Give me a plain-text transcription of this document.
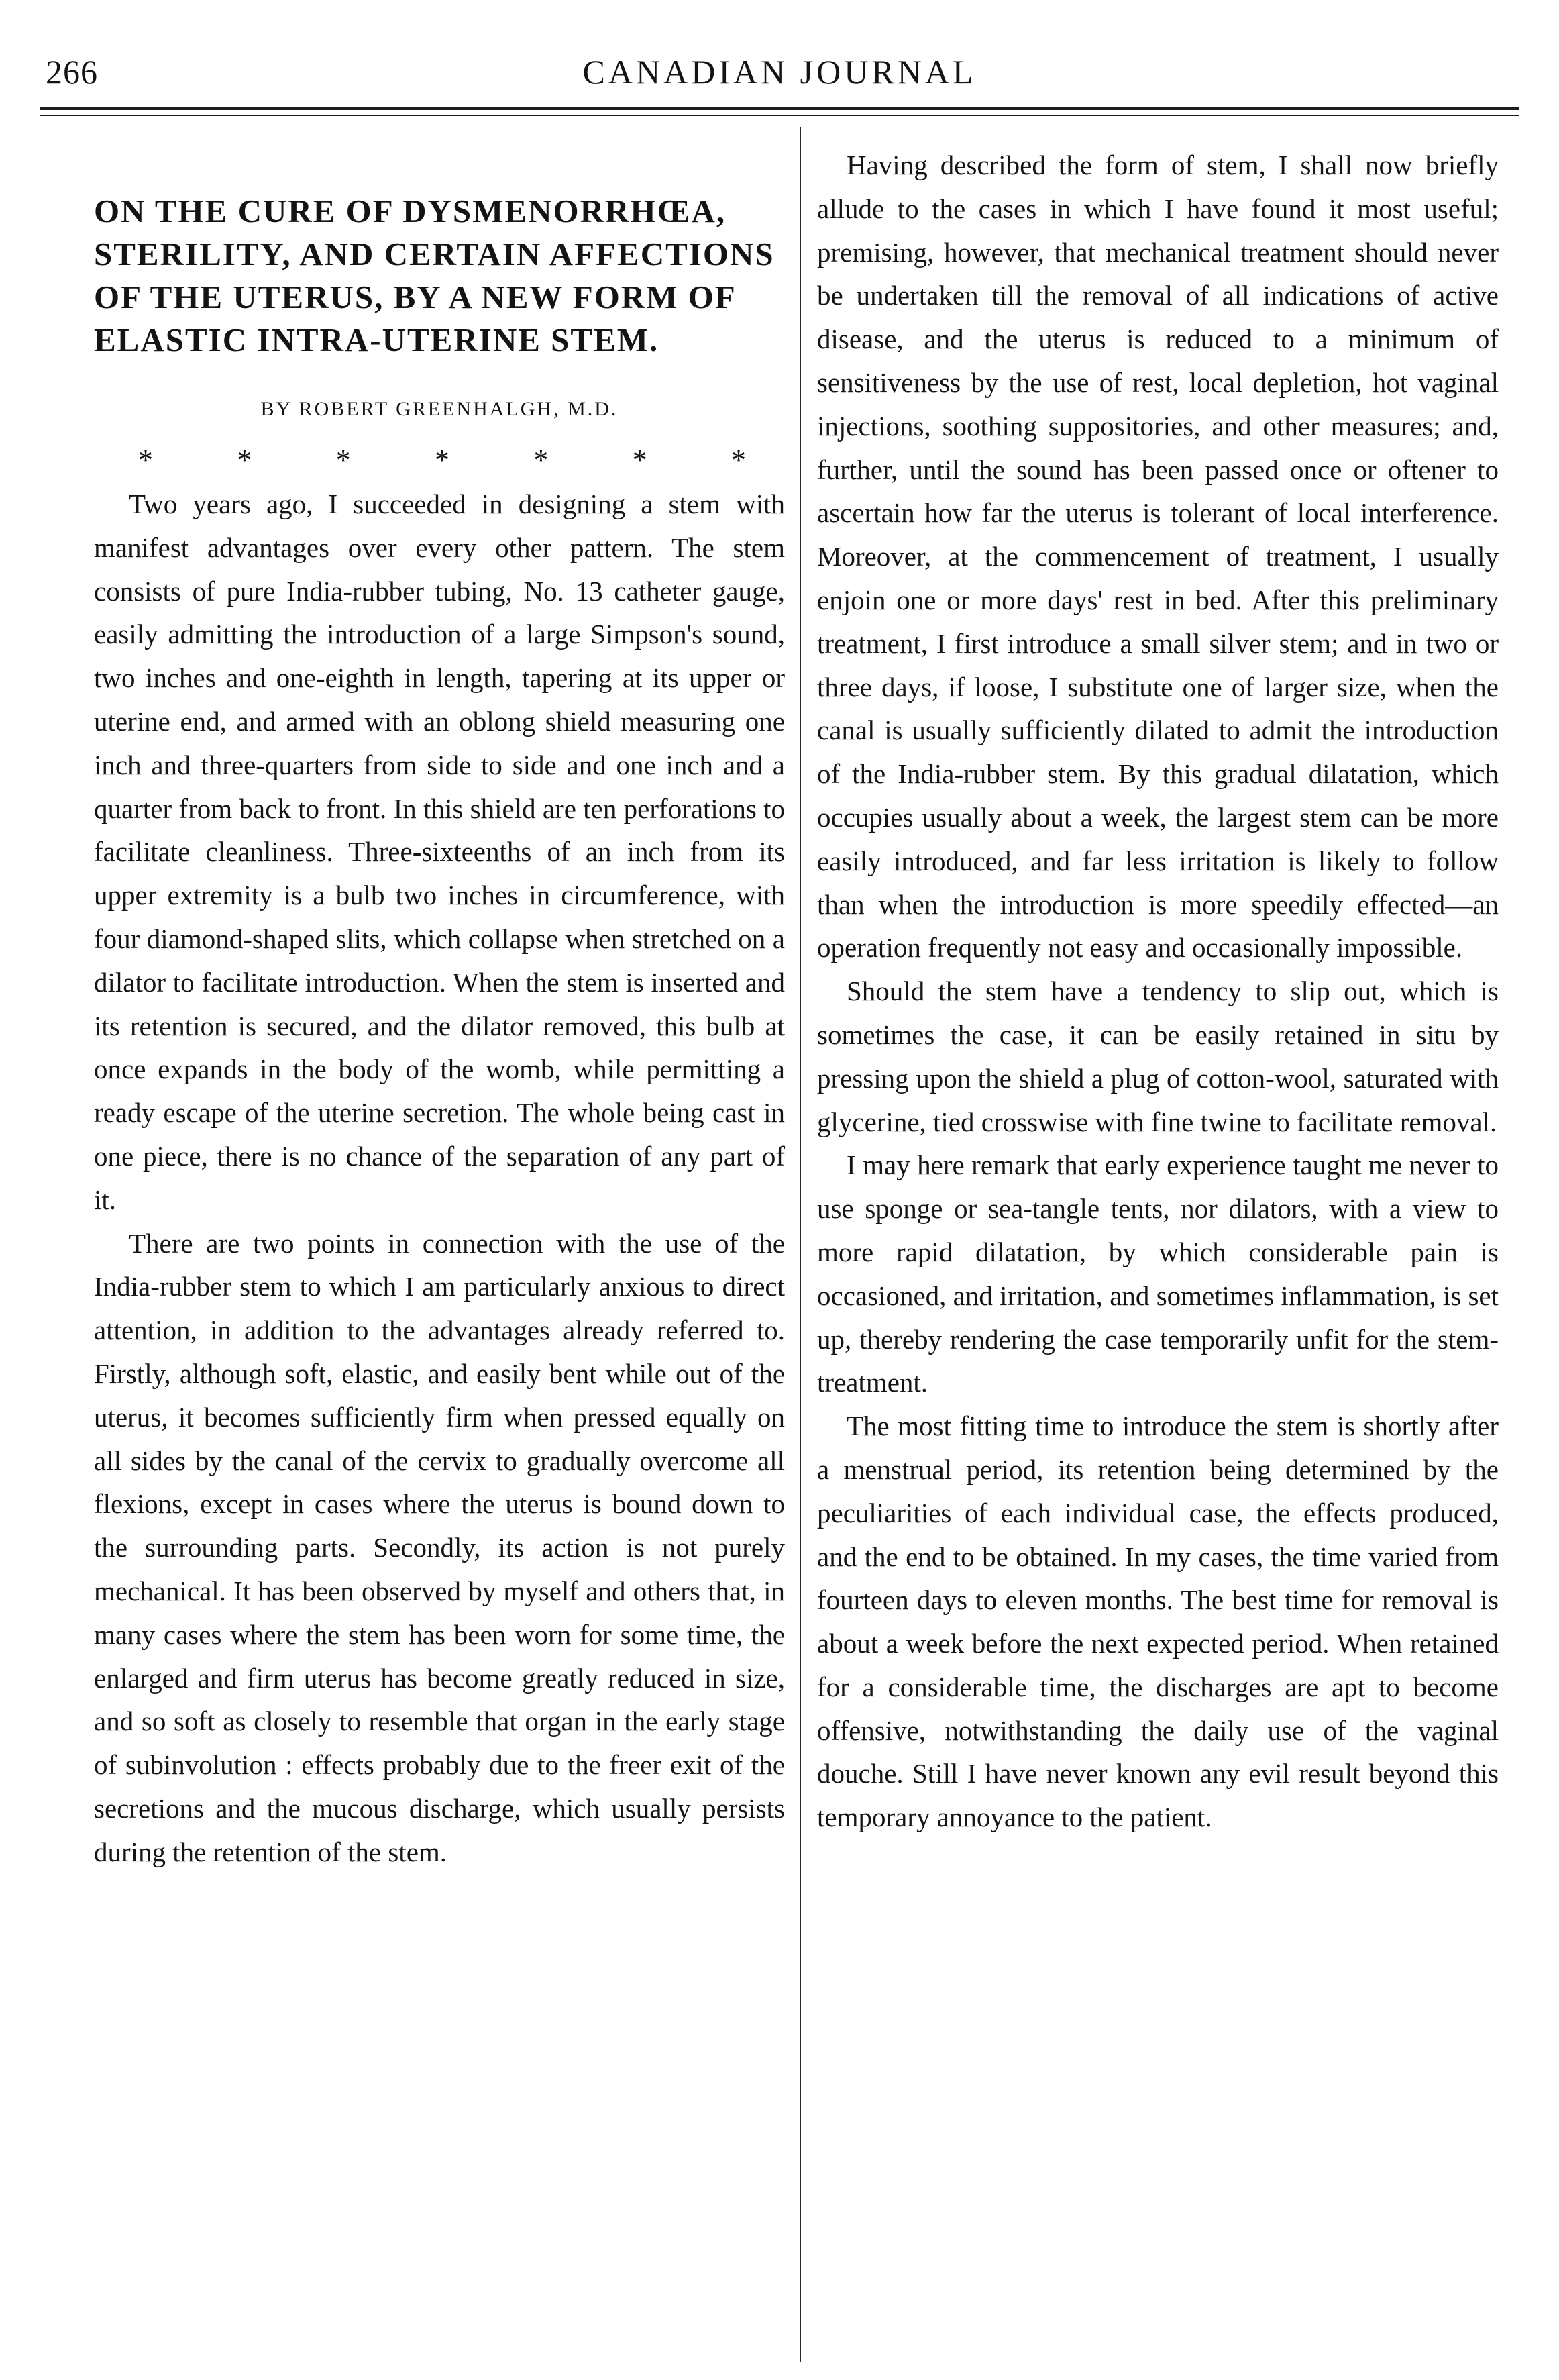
266	CANADIAN JOURNAL
ON THE CURE OF DYSMENORRHŒA, STERILITY, AND CERTAIN AFFECTIONS OF THE UTERUS, BY A NEW FORM OF ELASTIC INTRA-UTERINE STEM.
BY ROBERT GREENHALGH, M.D.
*	*	*	*	*	*	*

Two years ago, I succeeded in designing a stem with manifest advantages over every other pattern. The stem consists of pure India-rubber tubing, No. 13 catheter gauge, easily admitting the introduction of a large Simpson's sound, two inches and one-eighth in length, tapering at its upper or uterine end, and armed with an oblong shield measuring one inch and three-quarters from side to side and one inch and a quarter from back to front. In this shield are ten perforations to facilitate cleanliness. Three-sixteenths of an inch from its upper extremity is a bulb two inches in circumference, with four diamond-shaped slits, which collapse when stretched on a dilator to facilitate introduction. When the stem is inserted and its retention is secured, and the dilator removed, this bulb at once expands in the body of the womb, while permitting a ready escape of the uterine secretion. The whole being cast in one piece, there is no chance of the separation of any part of it.

There are two points in connection with the use of the India-rubber stem to which I am particularly anxious to direct attention, in addition to the advantages already referred to. Firstly, although soft, elastic, and easily bent while out of the uterus, it becomes sufficiently firm when pressed equally on all sides by the canal of the cervix to gradually overcome all flexions, except in cases where the uterus is bound down to the surrounding parts. Secondly, its action is not purely mechanical. It has been observed by myself and others that, in many cases where the stem has been worn for some time, the enlarged and firm uterus has become greatly reduced in size, and so soft as closely to resemble that organ in the early stage of subinvolution : effects probably due to the freer exit of the secretions and the mucous discharge, which usually persists during the retention of the stem.

Having described the form of stem, I shall now briefly allude to the cases in which I have found it most useful; premising, however, that mechanical treatment should never be undertaken till the removal of all indications of active disease, and the uterus is reduced to a minimum of sensitiveness by the use of rest, local depletion, hot vaginal injections, soothing suppositories, and other measures; and, further, until the sound has been passed once or oftener to ascertain how far the uterus is tolerant of local interference. Moreover, at the commencement of treatment, I usually enjoin one or more days' rest in bed. After this preliminary treatment, I first introduce a small silver stem; and in two or three days, if loose, I substitute one of larger size, when the canal is usually sufficiently dilated to admit the introduction of the India-rubber stem. By this gradual dilatation, which occupies usually about a week, the largest stem can be more easily introduced, and far less irritation is likely to follow than when the introduction is more speedily effected—an operation frequently not easy and occasionally impossible.

Should the stem have a tendency to slip out, which is sometimes the case, it can be easily retained in situ by pressing upon the shield a plug of cotton-wool, saturated with glycerine, tied crosswise with fine twine to facilitate removal.

I may here remark that early experience taught me never to use sponge or sea-tangle tents, nor dilators, with a view to more rapid dilatation, by which considerable pain is occasioned, and irritation, and sometimes inflammation, is set up, thereby rendering the case temporarily unfit for the stem-treatment.

The most fitting time to introduce the stem is shortly after a menstrual period, its retention being determined by the peculiarities of each individual case, the effects produced, and the end to be obtained. In my cases, the time varied from fourteen days to eleven months. The best time for removal is about a week before the next expected period. When retained for a considerable time, the discharges are apt to become offensive, notwithstanding the daily use of the vaginal douche. Still I have never known any evil result beyond this temporary annoyance to the patient.
